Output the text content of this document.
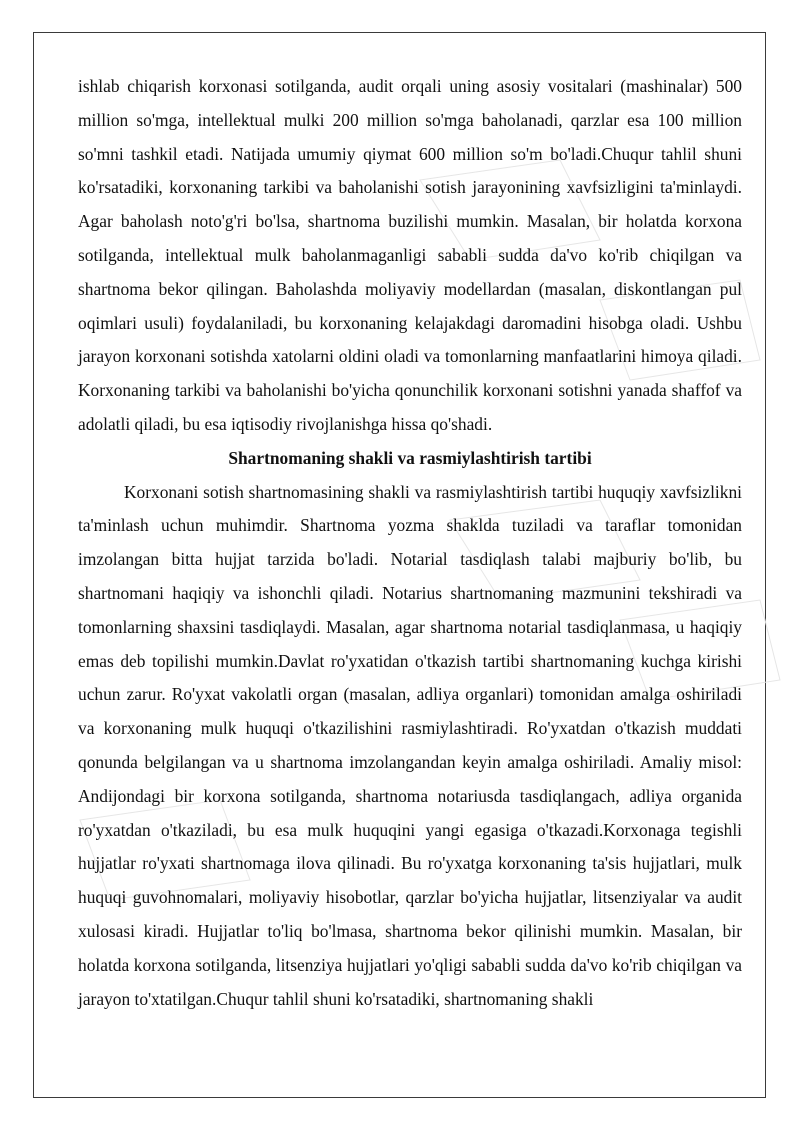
ishlab chiqarish korxonasi sotilganda, audit orqali uning asosiy vositalari (mashinalar) 500 million so'mga, intellektual mulki 200 million so'mga baholanadi, qarzlar esa 100 million so'mni tashkil etadi. Natijada umumiy qiymat 600 million so'm bo'ladi.Chuqur tahlil shuni ko'rsatadiki, korxonaning tarkibi va baholanishi sotish jarayonining xavfsizligini ta'minlaydi. Agar baholash noto'g'ri bo'lsa, shartnoma buzilishi mumkin. Masalan, bir holatda korxona sotilganda, intellektual mulk baholanmaganligi sababli sudda da'vo ko'rib chiqilgan va shartnoma bekor qilingan. Baholashda moliyaviy modellardan (masalan, diskontlangan pul oqimlari usuli) foydalaniladi, bu korxonaning kelajakdagi daromadini hisobga oladi. Ushbu jarayon korxonani sotishda xatolarni oldini oladi va tomonlarning manfaatlarini himoya qiladi. Korxonaning tarkibi va baholanishi bo'yicha qonunchilik korxonani sotishni yanada shaffof va adolatli qiladi, bu esa iqtisodiy rivojlanishga hissa qo'shadi.

Shartnomaning shakli va rasmiylashtirish tartibi

Korxonani sotish shartnomasining shakli va rasmiylashtirish tartibi huquqiy xavfsizlikni ta'minlash uchun muhimdir. Shartnoma yozma shaklda tuziladi va taraflar tomonidan imzolangan bitta hujjat tarzida bo'ladi. Notarial tasdiqlash talabi majburiy bo'lib, bu shartnomani haqiqiy va ishonchli qiladi. Notarius shartnomaning mazmunini tekshiradi va tomonlarning shaxsini tasdiqlaydi. Masalan, agar shartnoma notarial tasdiqlanmasa, u haqiqiy emas deb topilishi mumkin.Davlat ro'yxatidan o'tkazish tartibi shartnomaning kuchga kirishi uchun zarur. Ro'yxat vakolatli organ (masalan, adliya organlari) tomonidan amalga oshiriladi va korxonaning mulk huquqi o'tkazilishini rasmiylashtiradi. Ro'yxatdan o'tkazish muddati qonunda belgilangan va u shartnoma imzolangandan keyin amalga oshiriladi. Amaliy misol: Andijondagi bir korxona sotilganda, shartnoma notariusda tasdiqlangach, adliya organida ro'yxatdan o'tkaziladi, bu esa mulk huquqini yangi egasiga o'tkazadi.Korxonaga tegishli hujjatlar ro'yxati shartnomaga ilova qilinadi. Bu ro'yxatga korxonaning ta'sis hujjatlari, mulk huquqi guvohnomalari, moliyaviy hisobotlar, qarzlar bo'yicha hujjatlar, litsenziyalar va audit xulosasi kiradi. Hujjatlar to'liq bo'lmasa, shartnoma bekor qilinishi mumkin. Masalan, bir holatda korxona sotilganda, litsenziya hujjatlari yo'qligi sababli sudda da'vo ko'rib chiqilgan va jarayon to'xtatilgan.Chuqur tahlil shuni ko'rsatadiki, shartnomaning shakli
